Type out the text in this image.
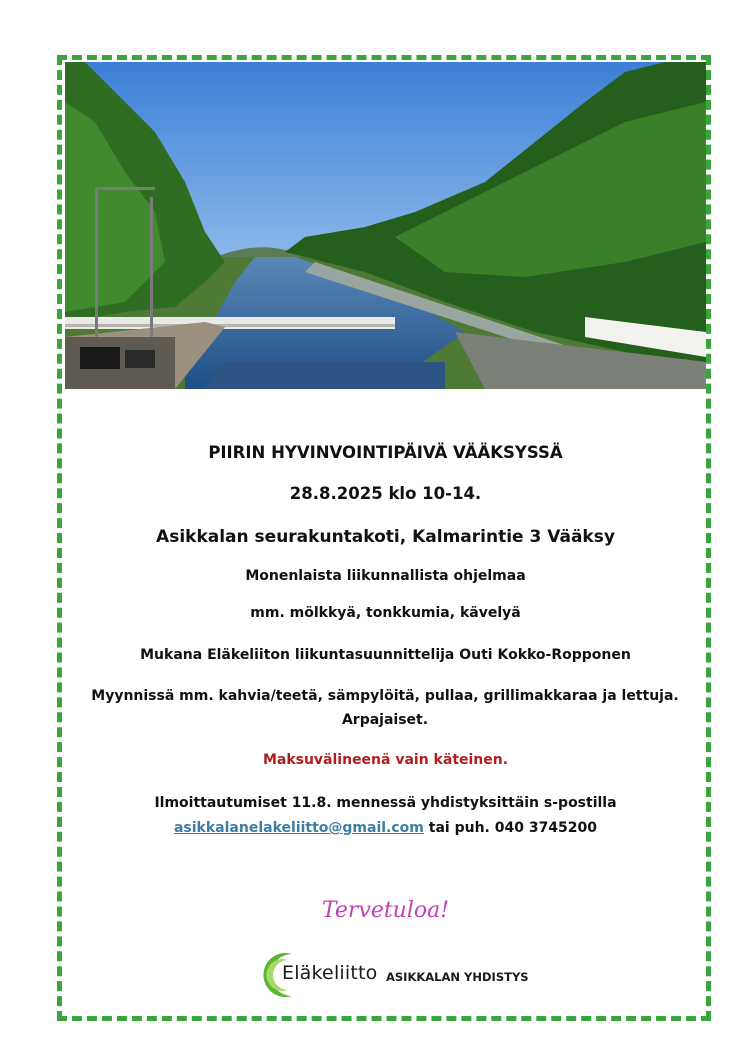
PIIRIN HYVINVOINTIPÄIVÄ VÄÄKSYSSÄ
28.8.2025 klo 10-14.
Asikkalan seurakuntakoti, Kalmarintie 3 Vääksy
Monenlaista liikunnallista ohjelmaa
mm. mölkkyä, tonkkumia, kävelyä
Mukana Eläkeliiton liikuntasuunnittelija Outi Kokko-Ropponen
Myynnissä mm. kahvia/teetä, sämpylöitä, pullaa, grillimakkaraa ja lettuja. Arpajaiset.
Maksuvälineenä vain käteinen.
Ilmoittautumiset 11.8. mennessä yhdistyksittäin s-postilla
asikkalanelakeliitto@gmail.com tai puh. 040 3745200
Tervetuloa!
Eläkeliitto ASIKKALAN YHDISTYS
